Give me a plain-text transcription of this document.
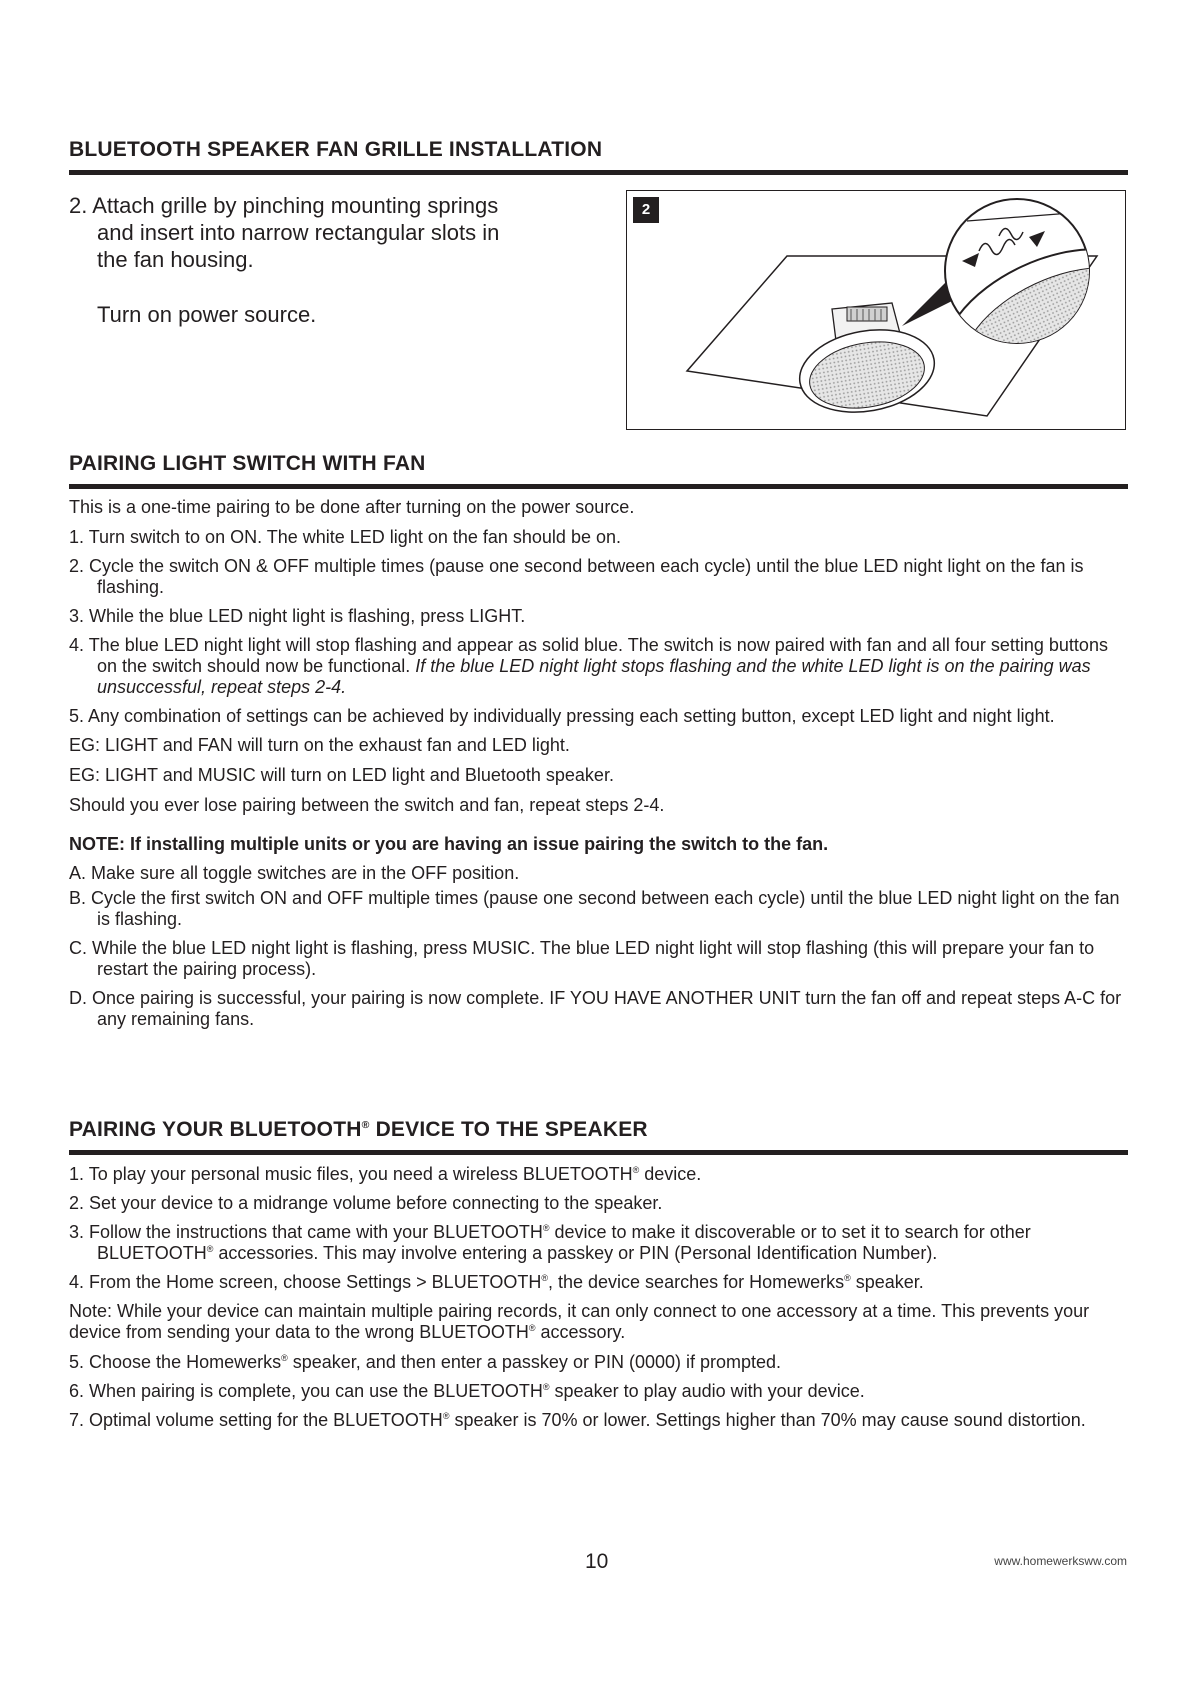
BLUETOOTH SPEAKER FAN GRILLE INSTALLATION
2. Attach grille by pinching mounting springs
and insert into narrow rectangular slots in
the fan housing.
Turn on power source.
2
PAIRING LIGHT SWITCH WITH FAN

This is a one-time pairing to be done after turning on the power source.

1. Turn switch to on ON. The white LED light on the fan should be on.
2. Cycle the switch ON & OFF multiple times (pause one second between each cycle) until the blue LED night light on the fan is flashing.
3. While the blue LED night light is flashing, press LIGHT.
4. The blue LED night light will stop flashing and appear as solid blue. The switch is now paired with fan and all four setting buttons on the switch should now be functional. If the blue LED night light stops flashing and the white LED light is on the pairing was unsuccessful, repeat steps 2-4.
5. Any combination of settings can be achieved by individually pressing each setting button, except LED light and night light.

EG: LIGHT and FAN will turn on the exhaust fan and LED light.

EG: LIGHT and MUSIC will turn on LED light and Bluetooth speaker.

Should you ever lose pairing between the switch and fan, repeat steps 2-4.

NOTE: If installing multiple units or you are having an issue pairing the switch to the fan.
A. Make sure all toggle switches are in the OFF position.
B. Cycle the first switch ON and OFF multiple times (pause one second between each cycle) until the blue LED night light on the fan is flashing.
C. While the blue LED night light is flashing, press MUSIC. The blue LED night light will stop flashing (this will prepare your fan to restart the pairing process).
D. Once pairing is successful, your pairing is now complete. IF YOU HAVE ANOTHER UNIT turn the fan off and repeat steps A-C for any remaining fans.
PAIRING YOUR BLUETOOTH® DEVICE TO THE SPEAKER
1. To play your personal music files, you need a wireless BLUETOOTH® device.
2. Set your device to a midrange volume before connecting to the speaker.
3. Follow the instructions that came with your BLUETOOTH® device to make it discoverable or to set it to search for other BLUETOOTH® accessories. This may involve entering a passkey or PIN (Personal Identification Number).
4. From the Home screen, choose Settings > BLUETOOTH®, the device searches for Homewerks® speaker.

Note: While your device can maintain multiple pairing records, it can only connect to one accessory at a time. This prevents your device from sending your data to the wrong BLUETOOTH® accessory.

5. Choose the Homewerks® speaker, and then enter a passkey or PIN (0000) if prompted.
6. When pairing is complete, you can use the BLUETOOTH® speaker to play audio with your device.
7. Optimal volume setting for the BLUETOOTH® speaker is 70% or lower. Settings higher than 70% may cause sound distortion.
10	www.homewerksww.com
